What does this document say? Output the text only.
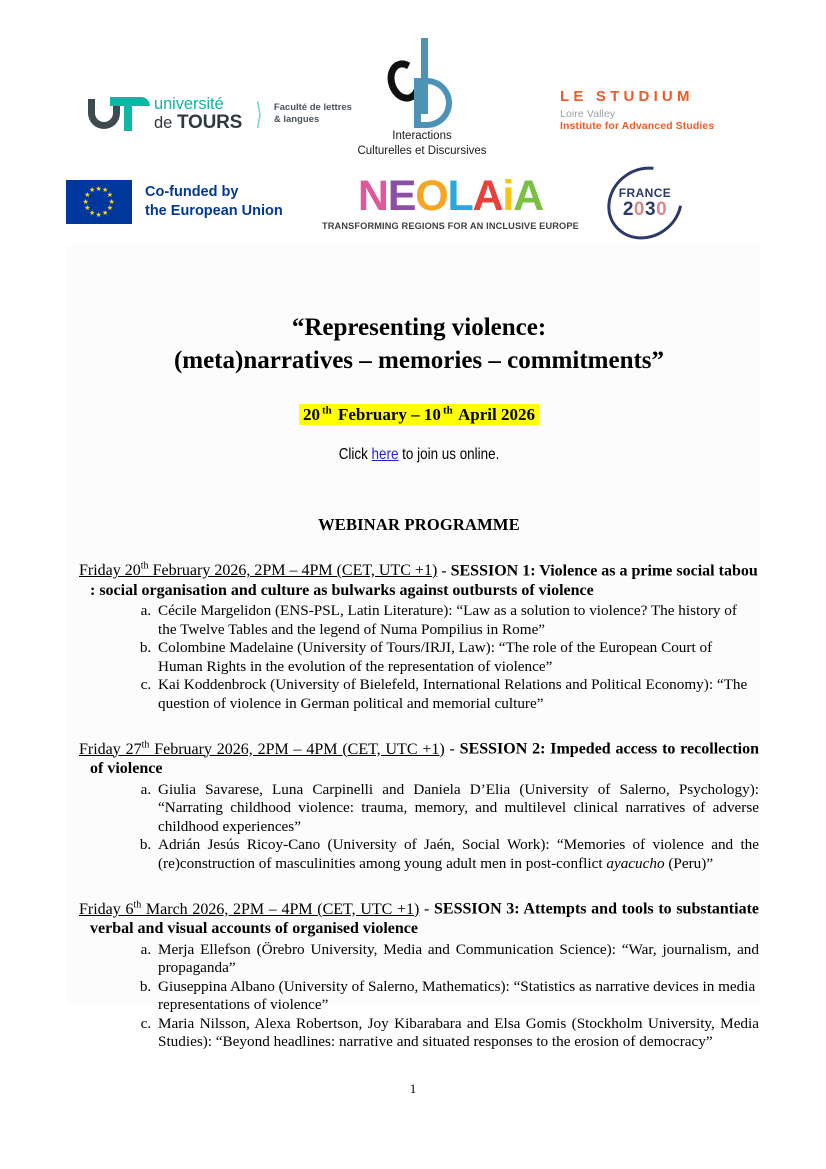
université
de TOURS ⟩ Faculté de lettres
& langues
Interactions
Culturelles et Discursives
LE STUDIUM
Loire Valley
Institute for Advanced Studies
★ ★
★
★
★
★
★
★
★
★
★
★	Co-funded by
the European Union	NEOLAiA
TRANSFORMING REGIONS FOR AN INCLUSIVE EUROPE
FRANCE
2030
“Representing violence:
(meta)narratives – memories – commitments”
20 $^{th}$ February – 10 $^{th}$ April 2026
Click here to join us online.
WEBINAR PROGRAMME
Friday 20th February 2026, 2PM – 4PM (CET, UTC +1) - SESSION 1: Violence as a prime social tabou : social organisation and culture as bulwarks against outbursts of violence
a. Cécile Margelidon (ENS-PSL, Latin Literature): “Law as a solution to violence? The history of the Twelve Tables and the legend of Numa Pompilius in Rome”
b. Colombine Madelaine (University of Tours/IRJI, Law): “The role of the European Court of Human Rights in the evolution of the representation of violence”
c. Kai Koddenbrock (University of Bielefeld, International Relations and Political Economy): “The question of violence in German political and memorial culture”
Friday 27th February 2026, 2PM – 4PM (CET, UTC +1) - SESSION 2: Impeded access to recollection of violence
a. Giulia Savarese, Luna Carpinelli and Daniela D’Elia (University of Salerno, Psychology): “Narrating childhood violence: trauma, memory, and multilevel clinical narratives of adverse childhood experiences”
b. Adrián Jesús Ricoy-Cano (University of Jaén, Social Work): “Memories of violence and the (re)construction of masculinities among young adult men in post-conflict ayacucho (Peru)”
Friday 6th March 2026, 2PM – 4PM (CET, UTC +1) - SESSION 3: Attempts and tools to substantiate verbal and visual accounts of organised violence
a. Merja Ellefson (Örebro University, Media and Communication Science): “War, journalism, and propaganda”
b. Giuseppina Albano (University of Salerno, Mathematics): “Statistics as narrative devices in media representations of violence”
c. Maria Nilsson, Alexa Robertson, Joy Kibarabara and Elsa Gomis (Stockholm University, Media Studies): “Beyond headlines: narrative and situated responses to the erosion of democracy”
1
